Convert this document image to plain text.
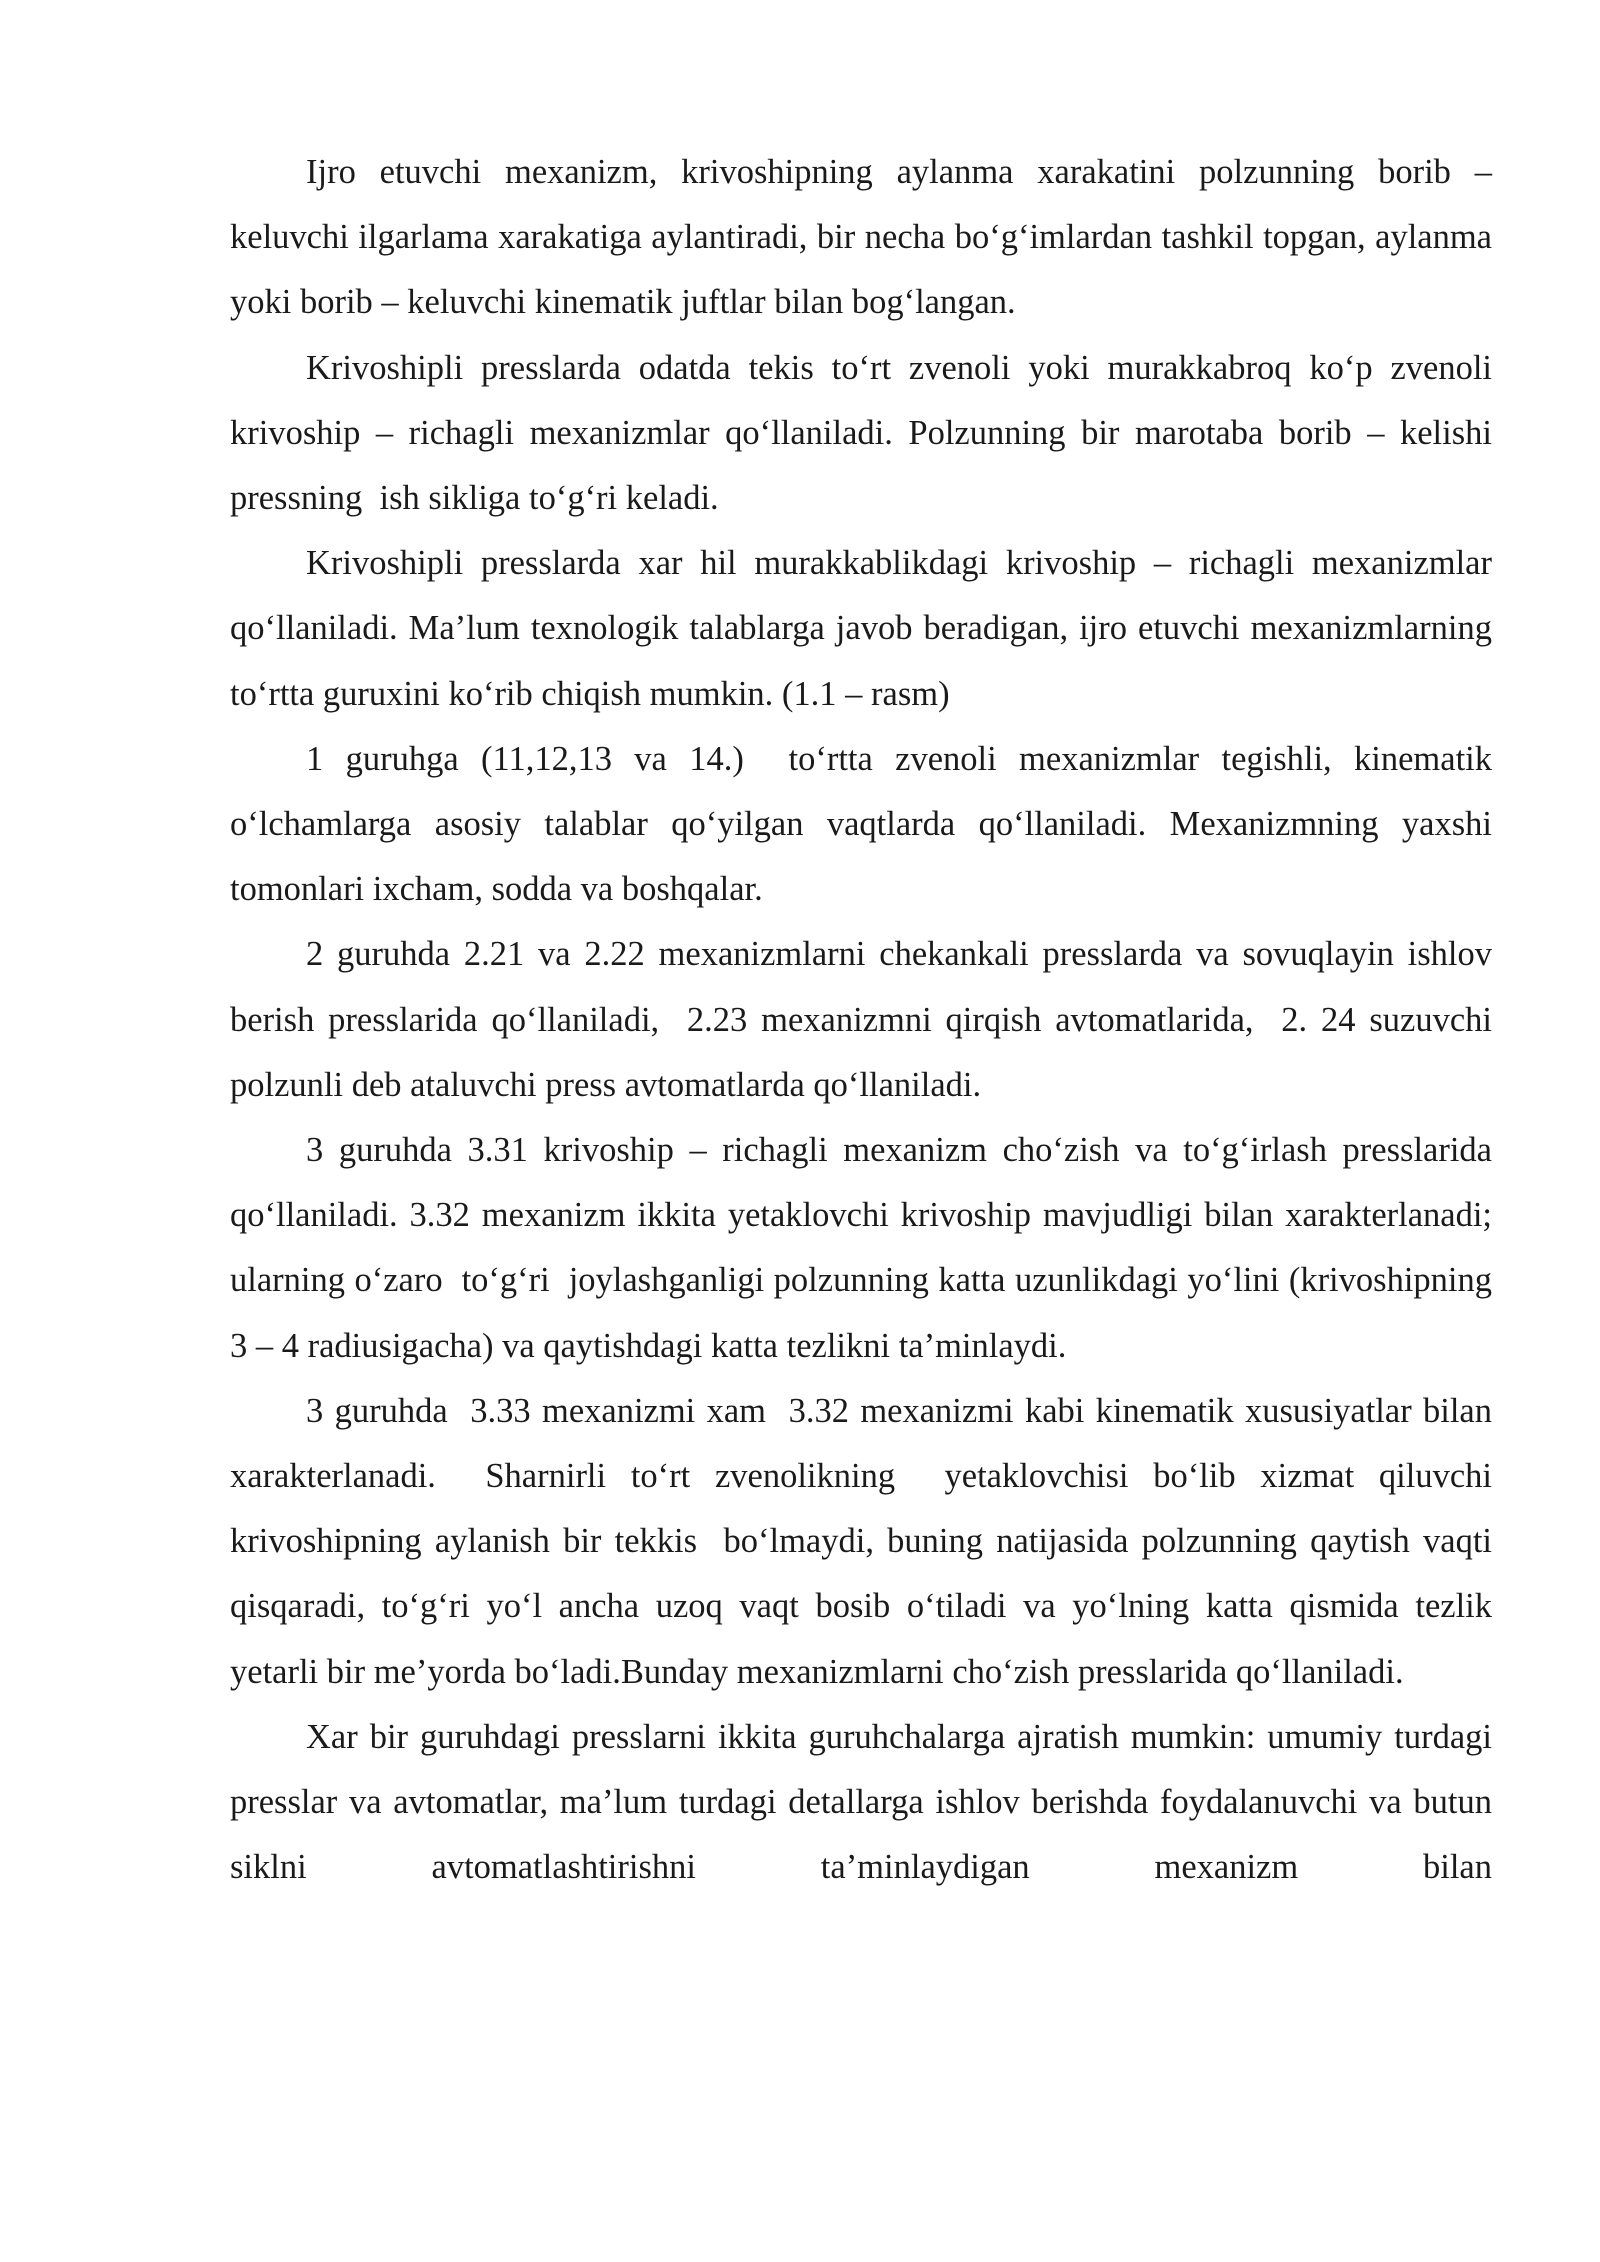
Ijro etuvchi mexanizm, krivoshipning aylanma xarakatini polzunning borib – keluvchi ilgarlama xarakatiga aylantiradi, bir necha bo‘g‘imlardan tashkil topgan, aylanma yoki borib – keluvchi kinematik juftlar bilan bog‘langan.

Krivoshipli presslarda odatda tekis to‘rt zvenoli yoki murakkabroq ko‘p zvenoli krivoship – richagli mexanizmlar qo‘llaniladi. Polzunning bir marotaba borib – kelishi pressning  ish sikliga to‘g‘ri keladi.

Krivoshipli presslarda xar hil murakkablikdagi krivoship – richagli mexanizmlar qo‘llaniladi. Ma’lum texnologik talablarga javob beradigan, ijro etuvchi mexanizmlarning  to‘rtta guruxini ko‘rib chiqish mumkin. (1.1 – rasm)

1 guruhga (11,12,13 va 14.)  to‘rtta zvenoli mexanizmlar tegishli, kinematik o‘lchamlarga asosiy talablar qo‘yilgan vaqtlarda qo‘llaniladi. Mexanizmning yaxshi tomonlari ixcham, sodda va boshqalar.

2 guruhda 2.21 va 2.22 mexanizmlarni chekankali presslarda va sovuqlayin ishlov berish presslarida qo‘llaniladi,  2.23 mexanizmni qirqish avtomatlarida,  2. 24 suzuvchi polzunli deb ataluvchi press avtomatlarda qo‘llaniladi.

3 guruhda 3.31 krivoship – richagli mexanizm cho‘zish va to‘g‘irlash presslarida qo‘llaniladi. 3.32 mexanizm ikkita yetaklovchi krivoship mavjudligi bilan xarakterlanadi; ularning o‘zaro  to‘g‘ri  joylashganligi polzunning katta uzunlikdagi yo‘lini (krivoshipning 3 – 4 radiusigacha) va qaytishdagi katta tezlikni ta’minlaydi.

3 guruhda  3.33 mexanizmi xam  3.32 mexanizmi kabi kinematik xususiyatlar bilan xarakterlanadi.  Sharnirli to‘rt zvenolikning  yetaklovchisi bo‘lib xizmat qiluvchi krivoshipning aylanish bir tekkis  bo‘lmaydi, buning natijasida polzunning qaytish vaqti qisqaradi, to‘g‘ri yo‘l ancha uzoq vaqt bosib o‘tiladi va yo‘lning katta qismida tezlik yetarli bir me’yorda bo‘ladi.Bunday mexanizmlarni cho‘zish presslarida qo‘llaniladi.

Xar bir guruhdagi presslarni ikkita guruhchalarga ajratish mumkin: umumiy turdagi presslar va avtomatlar, ma’lum turdagi detallarga ishlov berishda foydalanuvchi va butun siklni avtomatlashtirishni ta’minlaydigan mexanizm bilan
